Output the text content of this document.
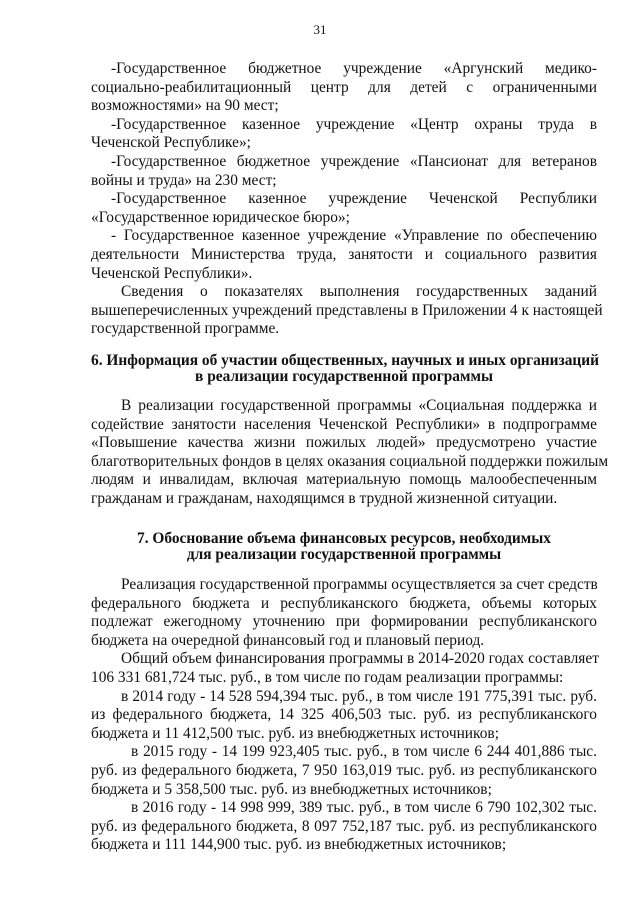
31
-Государственное бюджетное учреждение «Аргунский медико-
социально-реабилитационный центр для детей с ограниченными
возможностями» на 90 мест;
-Государственное казенное учреждение «Центр охраны труда в
Чеченской Республике»;
-Государственное бюджетное учреждение «Пансионат для ветеранов
войны и труда» на 230 мест;
-Государственное казенное учреждение Чеченской Республики
«Государственное юридическое бюро»;
- Государственное казенное учреждение «Управление по обеспечению
деятельности Министерства труда, занятости и социального развития
Чеченской Республики».
Сведения о показателях выполнения государственных заданий
вышеперечисленных учреждений представлены в Приложении 4 к настоящей
государственной программе.
6. Информация об участии общественных, научных и иных организаций
в реализации государственной программы
В реализации государственной программы «Социальная поддержка и
содействие занятости населения Чеченской Республики» в подпрограмме
«Повышение качества жизни пожилых людей» предусмотрено участие
благотворительных фондов в целях оказания социальной поддержки пожилым
людям и инвалидам, включая материальную помощь малообеспеченным
гражданам и гражданам, находящимся в трудной жизненной ситуации.
7. Обоснование объема финансовых ресурсов, необходимых
для реализации государственной программы
Реализация государственной программы осуществляется за счет средств
федерального бюджета и республиканского бюджета, объемы которых
подлежат ежегодному уточнению при формировании республиканского
бюджета на очередной финансовый год и плановый период.
Общий объем финансирования программы в 2014-2020 годах составляет
106 331 681,724 тыс. руб., в том числе по годам реализации программы:
в 2014 году - 14 528 594,394 тыс. руб., в том числе 191 775,391 тыс. руб.
из федерального бюджета, 14 325 406,503 тыс. руб. из республиканского
бюджета и 11 412,500 тыс. руб. из внебюджетных источников;
в 2015 году - 14 199 923,405 тыс. руб., в том числе 6 244 401,886 тыс.
руб. из федерального бюджета, 7 950 163,019 тыс. руб. из республиканского
бюджета и 5 358,500 тыс. руб. из внебюджетных источников;
в 2016 году - 14 998 999, 389 тыс. руб., в том числе 6 790 102,302 тыс.
руб. из федерального бюджета, 8 097 752,187 тыс. руб. из республиканского
бюджета и 111 144,900 тыс. руб. из внебюджетных источников;
